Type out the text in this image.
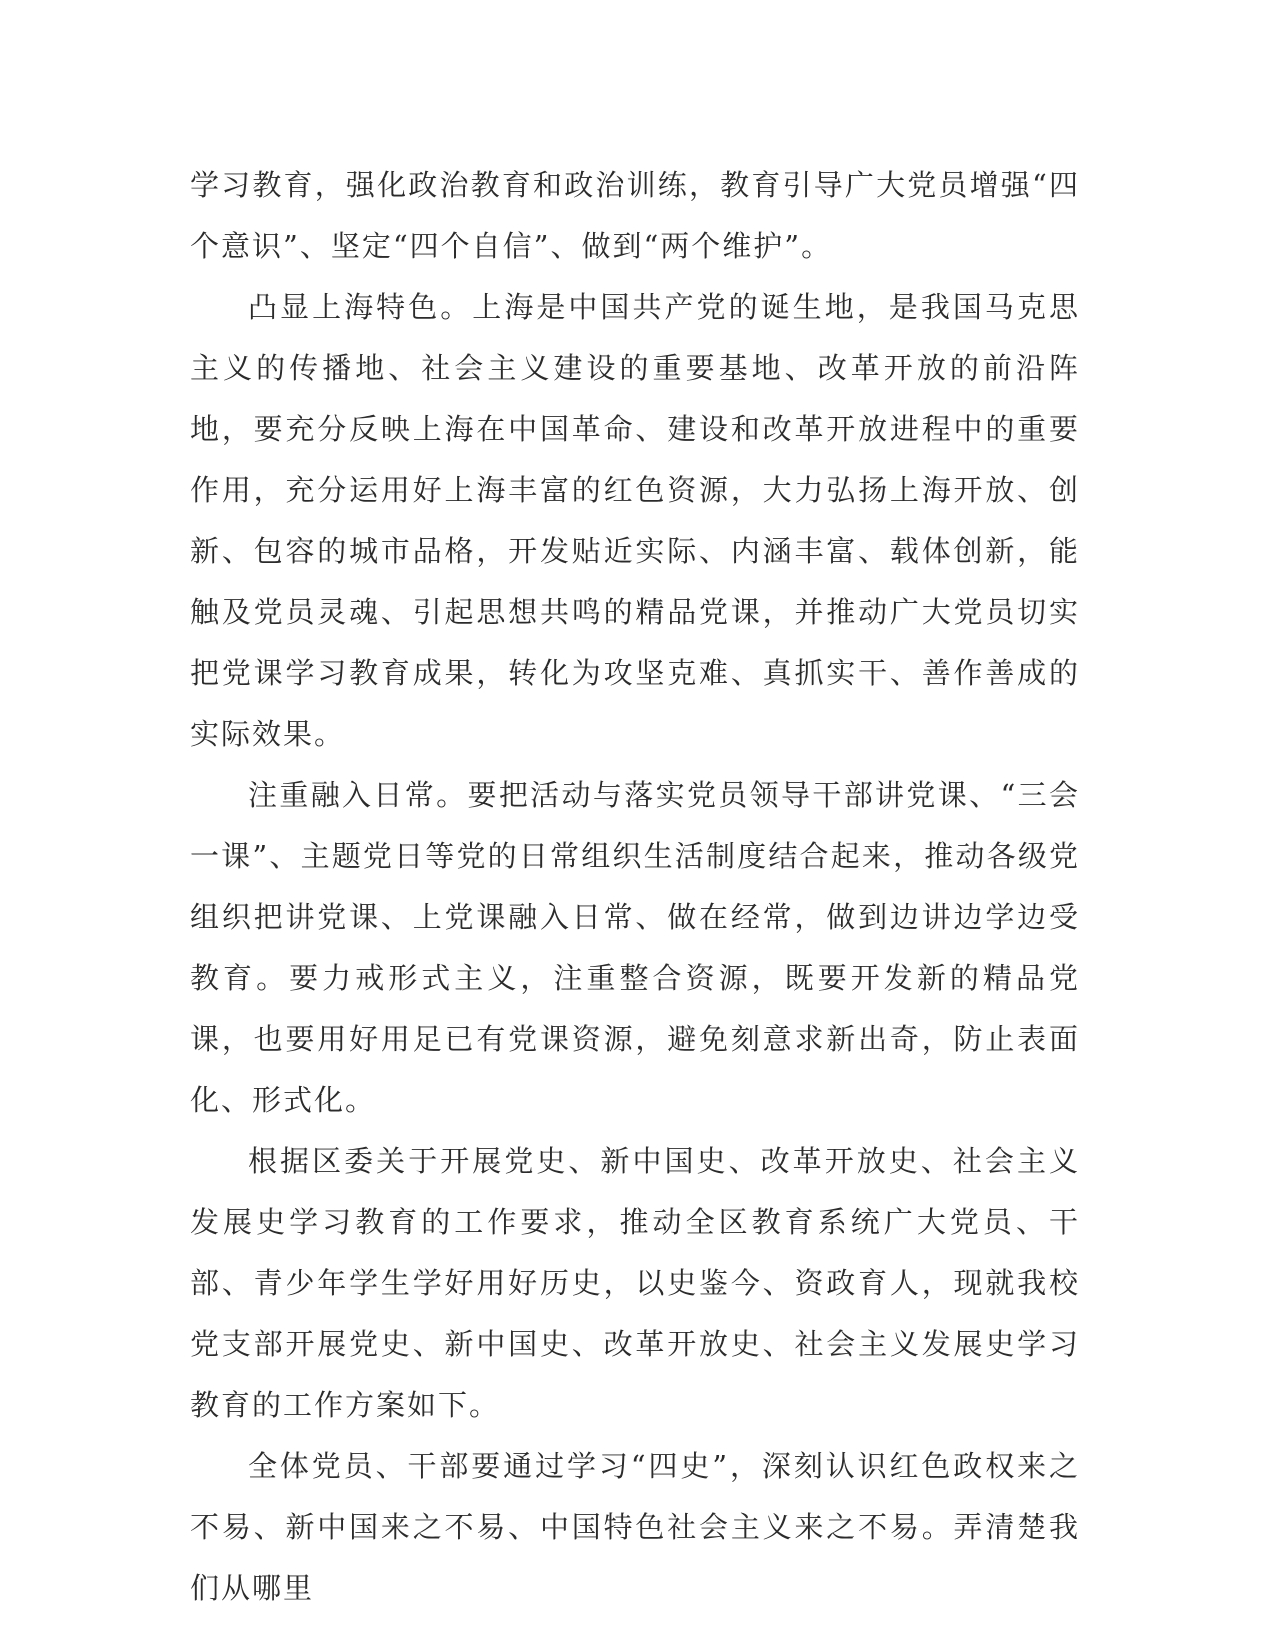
学习教育，强化政治教育和政治训练，教育引导广大党员增强“四个意识”、坚定“四个自信”、做到“两个维护”。

凸显上海特色。上海是中国共产党的诞生地，是我国马克思主义的传播地、社会主义建设的重要基地、改革开放的前沿阵地，要充分反映上海在中国革命、建设和改革开放进程中的重要作用，充分运用好上海丰富的红色资源，大力弘扬上海开放、创新、包容的城市品格，开发贴近实际、内涵丰富、载体创新，能触及党员灵魂、引起思想共鸣的精品党课，并推动广大党员切实把党课学习教育成果，转化为攻坚克难、真抓实干、善作善成的实际效果。

注重融入日常。要把活动与落实党员领导干部讲党课、“三会一课”、主题党日等党的日常组织生活制度结合起来，推动各级党组织把讲党课、上党课融入日常、做在经常，做到边讲边学边受教育。要力戒形式主义，注重整合资源，既要开发新的精品党课，也要用好用足已有党课资源，避免刻意求新出奇，防止表面化、形式化。

根据区委关于开展党史、新中国史、改革开放史、社会主义发展史学习教育的工作要求，推动全区教育系统广大党员、干部、青少年学生学好用好历史，以史鉴今、资政育人，现就我校党支部开展党史、新中国史、改革开放史、社会主义发展史学习教育的工作方案如下。

全体党员、干部要通过学习“四史”，深刻认识红色政权来之不易、新中国来之不易、中国特色社会主义来之不易。弄清楚我们从哪里
